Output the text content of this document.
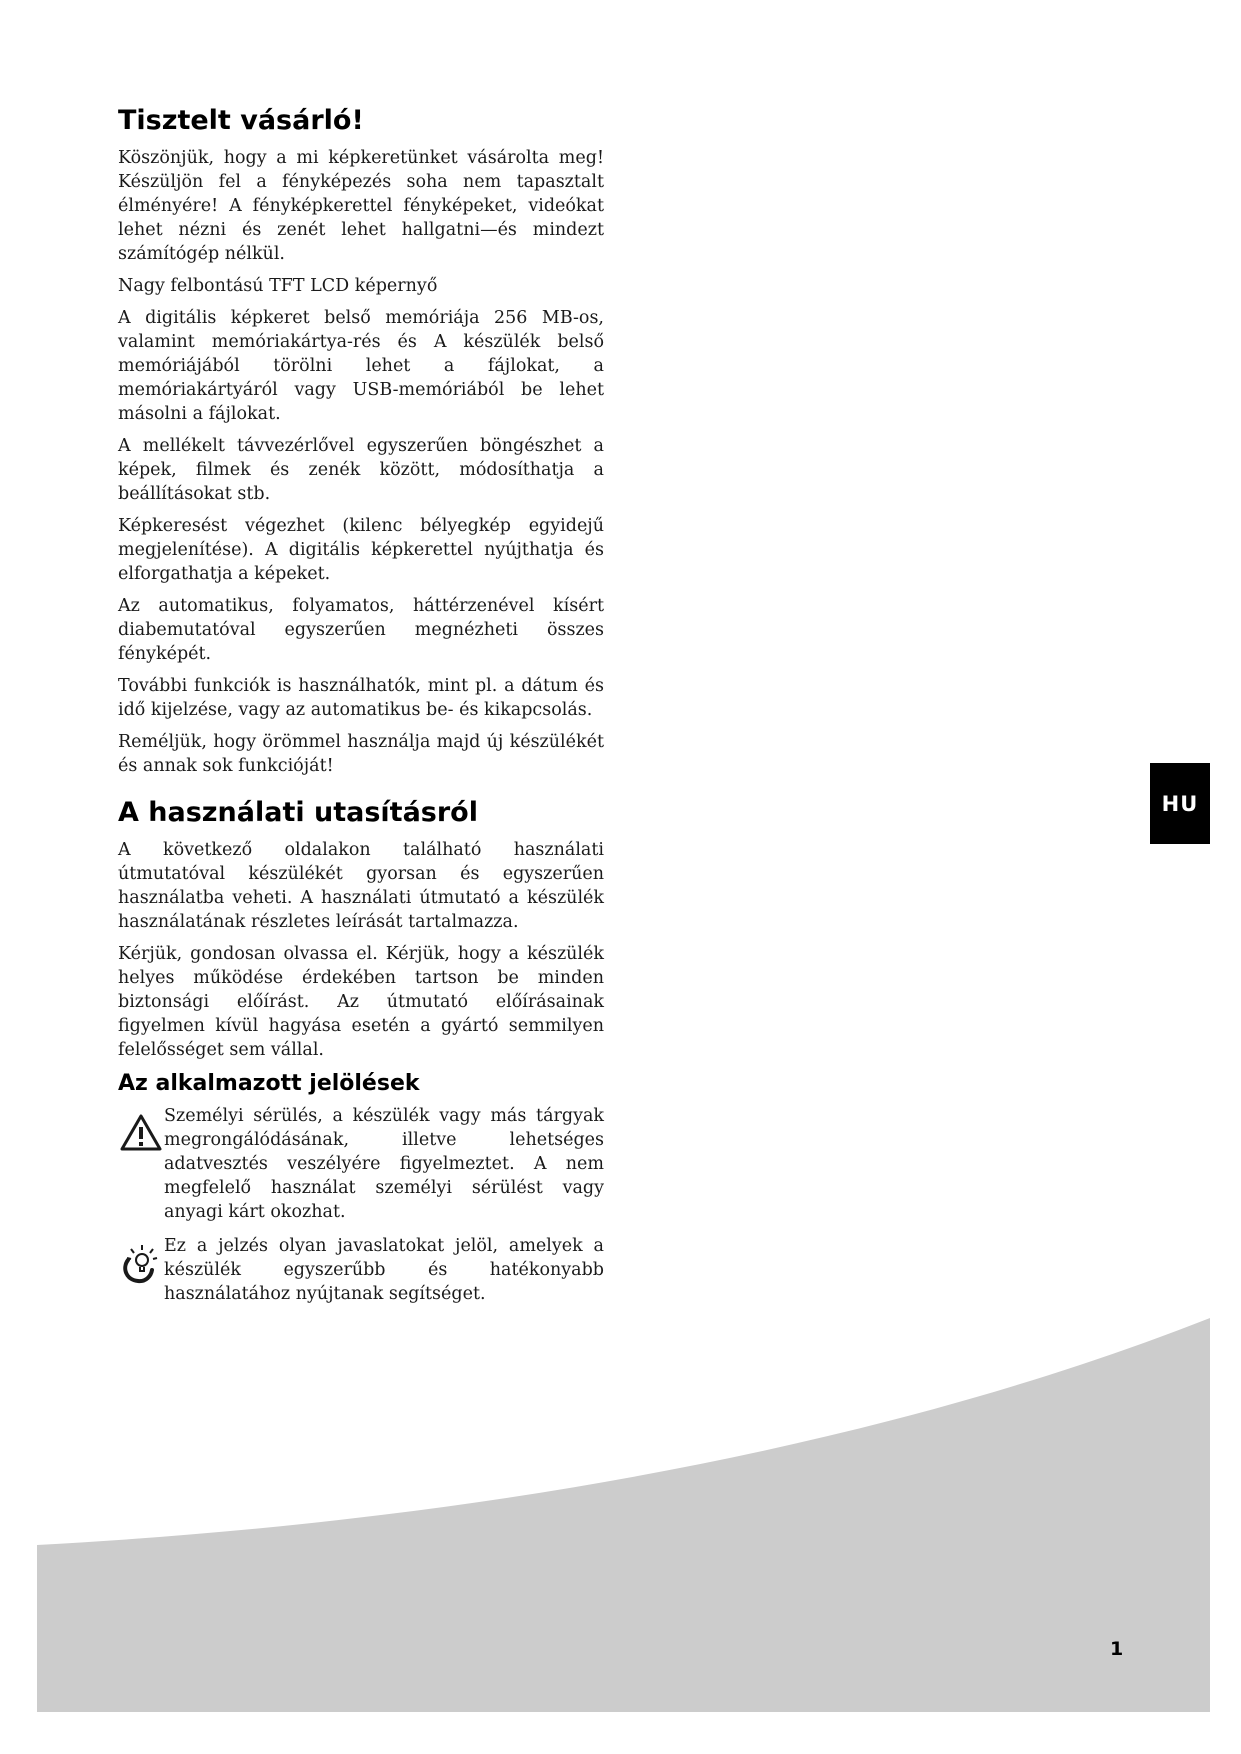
Tisztelt vásárló!

Köszönjük, hogy a mi képkeretünket vásárolta meg! Készüljön fel a fényképezés soha nem tapasztalt élményére! A fényképkerettel fényképeket, videókat lehet nézni és zenét lehet hallgatni—és mindezt számítógép nélkül.

Nagy felbontású TFT LCD képernyő

A digitális képkeret belső memóriája 256 MB-os, valamint memóriakártya-rés és A készülék belső memóriájából törölni lehet a fájlokat, a memóriakártyáról vagy USB-memóriából be lehet másolni a fájlokat.

A mellékelt távvezérlővel egyszerűen böngészhet a képek, filmek és zenék között, módosíthatja a beállításokat stb.

Képkeresést végezhet (kilenc bélyegkép egyidejű megjelenítése). A digitális képkerettel nyújthatja és elforgathatja a képeket.

Az automatikus, folyamatos, háttérzenével kísért diabemutatóval egyszerűen megnézheti összes fényképét.

További funkciók is használhatók, mint pl. a dátum és idő kijelzése, vagy az automatikus be- és kikapcsolás.

Reméljük, hogy örömmel használja majd új készülékét és annak sok funkcióját!

A használati utasításról

A következő oldalakon található használati útmutatóval készülékét gyorsan és egyszerűen használatba veheti. A használati útmutató a készülék használatának részletes leírását tartalmazza.

Kérjük, gondosan olvassa el. Kérjük, hogy a készülék helyes működése érdekében tartson be minden biztonsági előírást. Az útmutató előírásainak figyelmen kívül hagyása esetén a gyártó semmilyen felelősséget sem vállal.

Az alkalmazott jelölések

Személyi sérülés, a készülék vagy más tárgyak megrongálódásának, illetve lehetséges adatvesztés veszélyére figyelmeztet. A nem megfelelő használat személyi sérülést vagy anyagi kárt okozhat.

Ez a jelzés olyan javaslatokat jelöl, amelyek a készülék egyszerűbb és hatékonyabb használatához nyújtanak segítséget.

HU
1
